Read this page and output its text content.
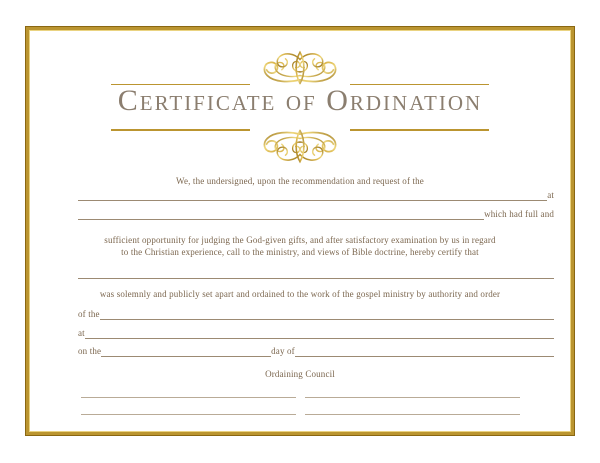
Certificate of Ordination

We, the undersigned, upon the recommendation and request of the

at
which had full and

sufficient opportunity for judging the God-given gifts, and after satisfactory examination by us in regard to the Christian experience, call to the ministry, and views of Bible doctrine, hereby certify that

was solemnly and publicly set apart and ordained to the work of the gospel ministry by authority and order

of the
at
on the	day of

Ordaining Council
